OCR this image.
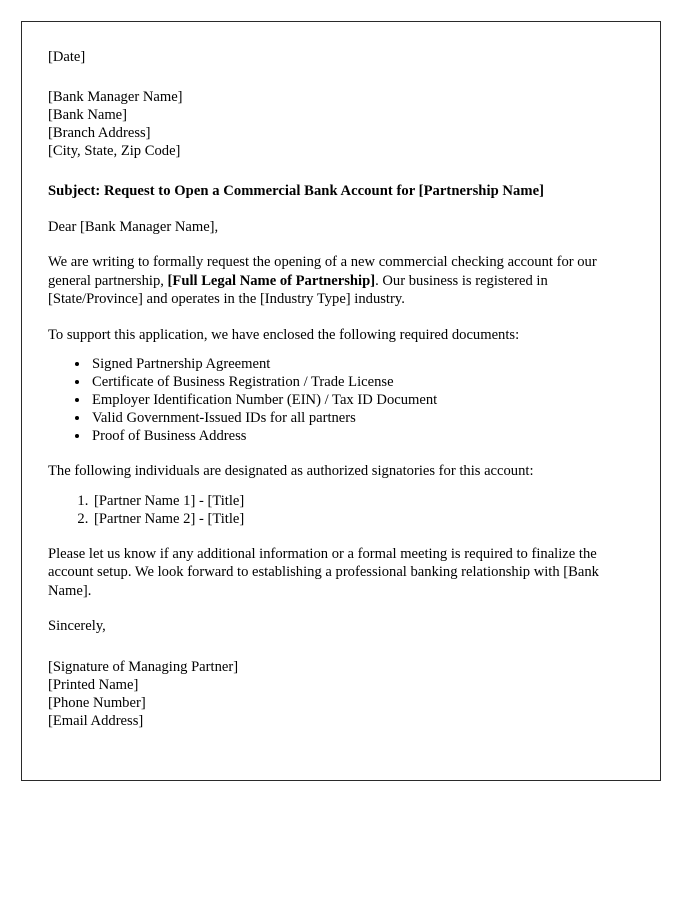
[Date]
[Bank Manager Name]
[Bank Name]
[Branch Address]
[City, State, Zip Code]
Subject: Request to Open a Commercial Bank Account for [Partnership Name]
Dear [Bank Manager Name],

We are writing to formally request the opening of a new commercial checking account for our general partnership, [Full Legal Name of Partnership]. Our business is registered in [State/Province] and operates in the [Industry Type] industry.

To support this application, we have enclosed the following required documents:
• Signed Partnership Agreement
• Certificate of Business Registration / Trade License
• Employer Identification Number (EIN) / Tax ID Document
• Valid Government-Issued IDs for all partners
• Proof of Business Address
The following individuals are designated as authorized signatories for this account:
1. [Partner Name 1] - [Title]
2. [Partner Name 2] - [Title]

Please let us know if any additional information or a formal meeting is required to finalize the account setup. We look forward to establishing a professional banking relationship with [Bank Name].

Sincerely,
[Signature of Managing Partner]
[Printed Name]
[Phone Number]
[Email Address]
